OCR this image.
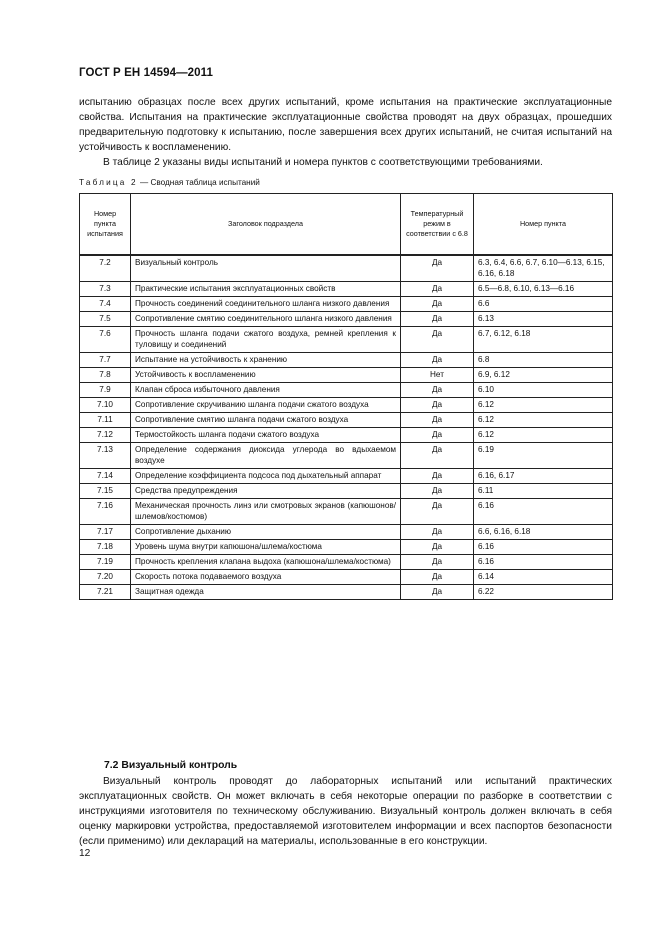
ГОСТ Р ЕН 14594—2011

испытанию образцах после всех других испытаний, кроме испытания на практические эксплуатационные свойства. Испытания на практические эксплуатационные свойства проводят на двух образцах, прошедших предварительную подготовку к испытанию, после завершения всех других испытаний, не считая испытаний на устойчивость к воспламенению.

В таблице 2 указаны виды испытаний и номера пунктов с соответствующими требованиями.

Таблица 2 — Сводная таблица испытаний
Номер пункта испытания	Заголовок подраздела	Температурный режим в соответствии с 6.8	Номер пункта
7.2	Визуальный контроль	Да	6.3, 6.4, 6.6, 6.7, 6.10—6.13, 6.15, 6.16, 6.18
7.3	Практические испытания эксплуатационных свойств	Да	6.5—6.8, 6.10, 6.13—6.16
7.4	Прочность соединений соединительного шланга низкого давления	Да	6.6
7.5	Сопротивление смятию соединительного шланга низкого давления	Да	6.13
7.6	Прочность шланга подачи сжатого воздуха, ремней крепления к туловищу и соединений	Да	6.7, 6.12, 6.18
7.7	Испытание на устойчивость к хранению	Да	6.8
7.8	Устойчивость к воспламенению	Нет	6.9, 6.12
7.9	Клапан сброса избыточного давления	Да	6.10
7.10	Сопротивление скручиванию шланга подачи сжатого воздуха	Да	6.12
7.11	Сопротивление смятию шланга подачи сжатого воздуха	Да	6.12
7.12	Термостойкость шланга подачи сжатого воздуха	Да	6.12
7.13	Определение содержания диоксида углерода во вдыхаемом воздухе	Да	6.19
7.14	Определение коэффициента подсоса под дыхательный аппарат	Да	6.16, 6.17
7.15	Средства предупреждения	Да	6.11
7.16	Механическая прочность линз или смотровых экранов (капюшонов/шлемов/костюмов)	Да	6.16
7.17	Сопротивление дыханию	Да	6.6, 6.16, 6.18
7.18	Уровень шума внутри капюшона/шлема/костюма	Да	6.16
7.19	Прочность крепления клапана выдоха (капюшона/шлема/костюма)	Да	6.16
7.20	Скорость потока подаваемого воздуха	Да	6.14
7.21	Защитная одежда	Да	6.22
7.2 Визуальный контроль

Визуальный контроль проводят до лабораторных испытаний или испытаний практических эксплуатационных свойств. Он может включать в себя некоторые операции по разборке в соответствии с инструкциями изготовителя по техническому обслуживанию. Визуальный контроль должен включать в себя оценку маркировки устройства, предоставляемой изготовителем информации и всех паспортов безопасности (если применимо) или деклараций на материалы, использованные в его конструкции.

12
